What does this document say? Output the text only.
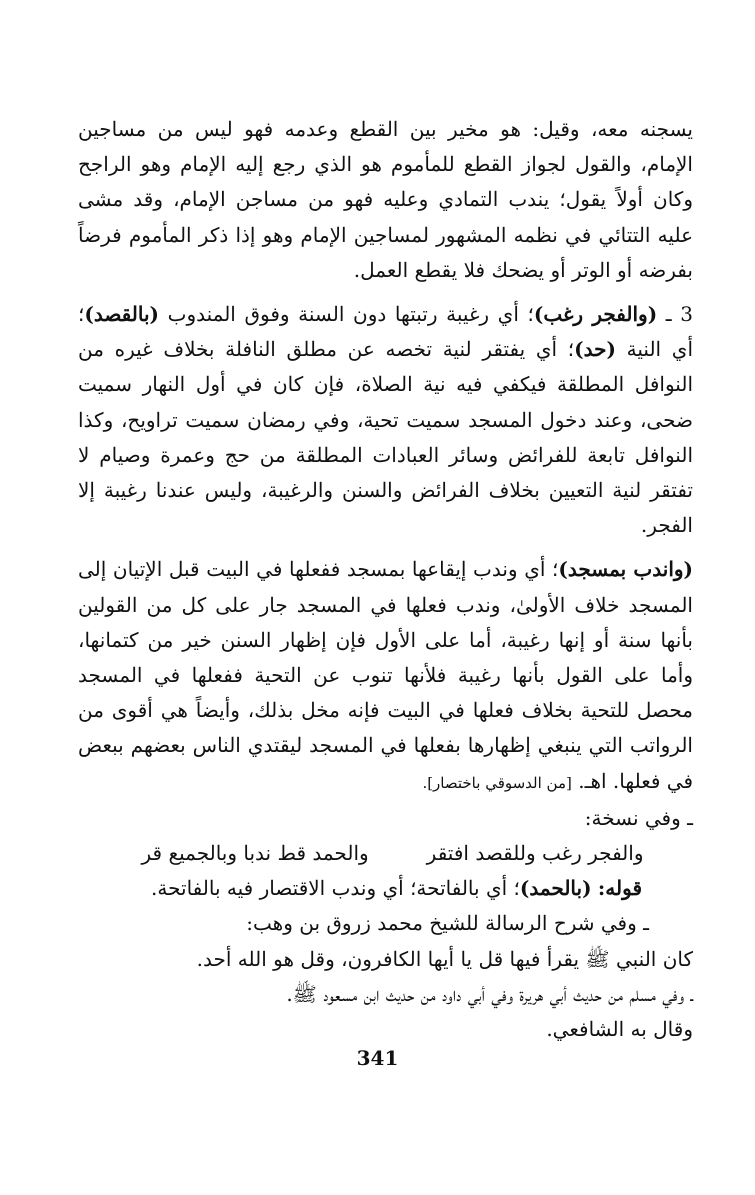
يسجنه معه، وقيل: هو مخير بين القطع وعدمه فهو ليس من مساجين الإمام، والقول لجواز القطع للمأموم هو الذي رجع إليه الإمام وهو الراجح وكان أولاً يقول؛ يندب التمادي وعليه فهو من مساجن الإمام، وقد مشى عليه التتائي في نظمه المشهور لمساجين الإمام وهو إذا ذكر المأموم فرضاً بفرضه أو الوتر أو يضحك فلا يقطع العمل.

3 ـ (والفجر رغب)؛ أي رغيبة رتبتها دون السنة وفوق المندوب (بالقصد)؛ أي النية (حد)؛ أي يفتقر لنية تخصه عن مطلق النافلة بخلاف غيره من النوافل المطلقة فيكفي فيه نية الصلاة، فإن كان في أول النهار سميت ضحى، وعند دخول المسجد سميت تحية، وفي رمضان سميت تراويح، وكذا النوافل تابعة للفرائض وسائر العبادات المطلقة من حج وعمرة وصيام لا تفتقر لنية التعيين بخلاف الفرائض والسنن والرغيبة، وليس عندنا رغيبة إلا الفجر.

(واندب بمسجد)؛ أي وندب إيقاعها بمسجد ففعلها في البيت قبل الإتيان إلى المسجد خلاف الأولىٰ، وندب فعلها في المسجد جار على كل من القولين بأنها سنة أو إنها رغيبة، أما على الأول فإن إظهار السنن خير من كتمانها، وأما على القول بأنها رغيبة فلأنها تنوب عن التحية ففعلها في المسجد محصل للتحية بخلاف فعلها في البيت فإنه مخل بذلك، وأيضاً هي أقوى من الرواتب التي ينبغي إظهارها بفعلها في المسجد ليقتدي الناس بعضهم ببعض في فعلها. اهـ. [من الدسوقي باختصار].

ـ وفي نسخة:

والفجر رغب وللقصد افتقر
والحمد قط ندبا وبالجميع قر

قوله: (بالحمد)؛ أي بالفاتحة؛ أي وندب الاقتصار فيه بالفاتحة.

ـ وفي شرح الرسالة للشيخ محمد زروق بن وهب:

كان النبي ﷺ يقرأ فيها قل يا أيها الكافرون، وقل هو الله أحد.

ـ وفي مسلم من حديث أبي هريرة وفي أبي داود من حديث ابن مسعود ﷺ.

وقال به الشافعي.

341
